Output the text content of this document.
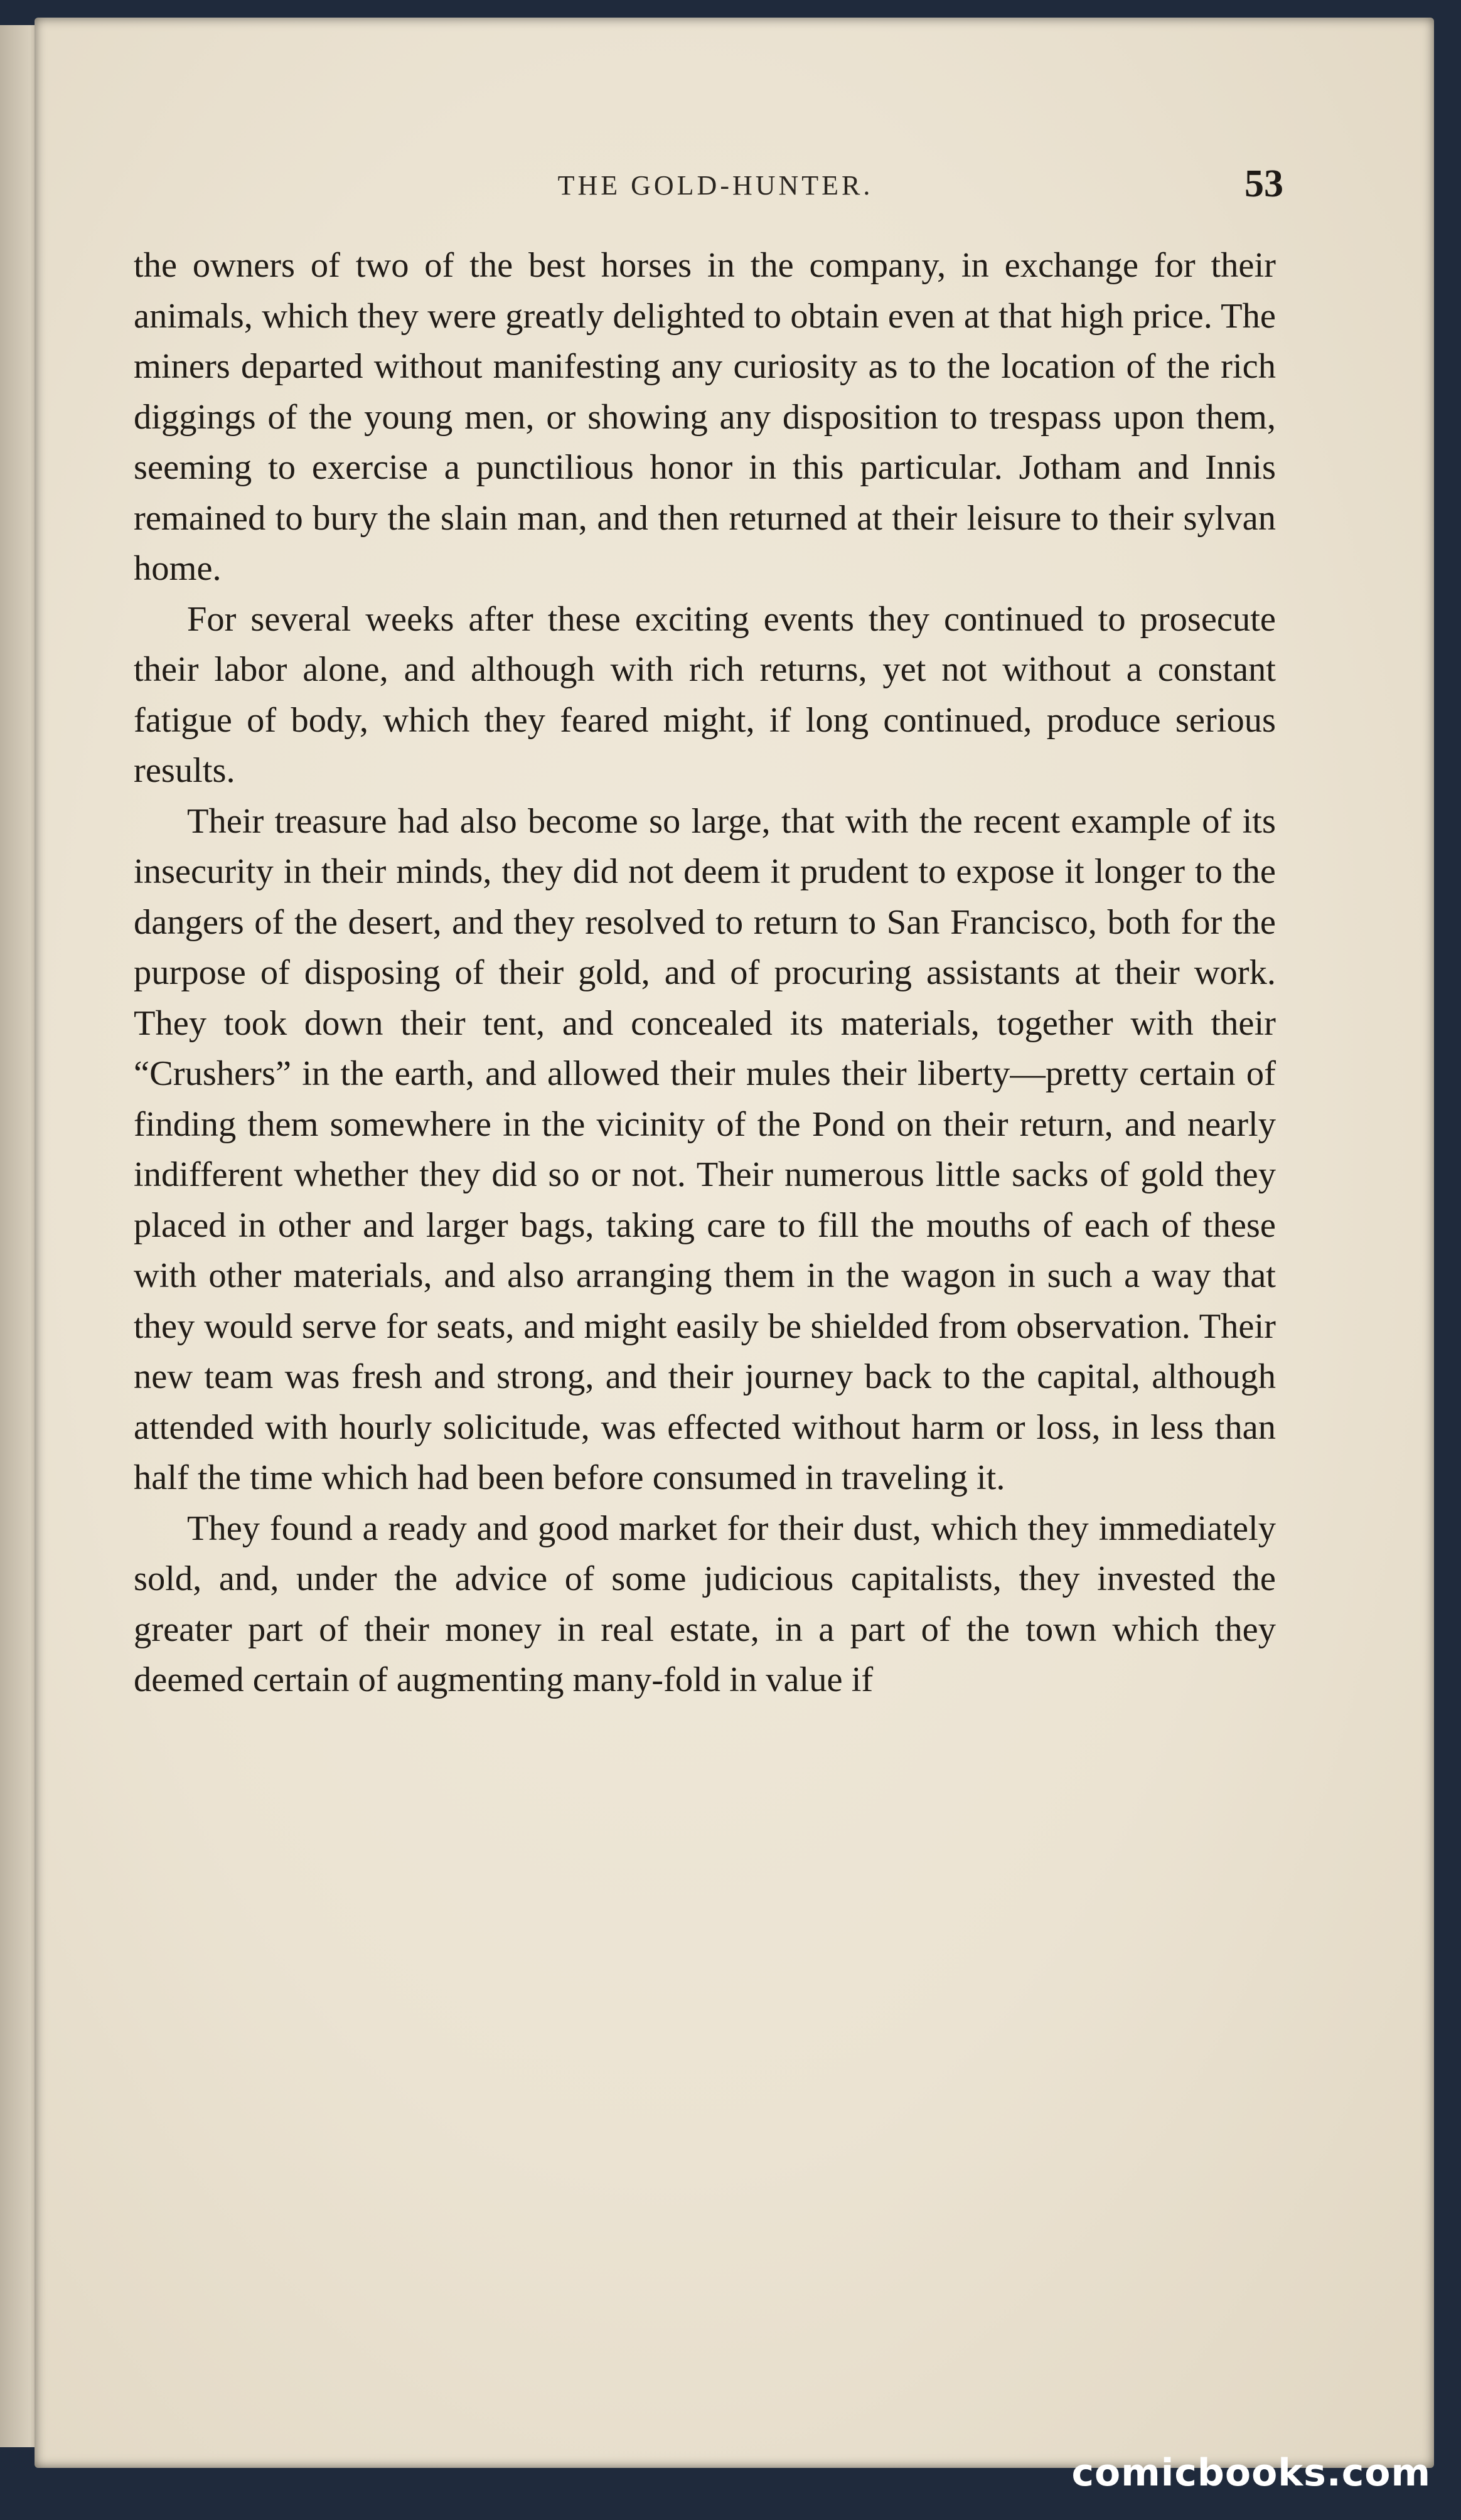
THE GOLD-HUNTER.	53

the owners of two of the best horses in the company, in exchange for their animals, which they were greatly delighted to obtain even at that high price. The miners departed without manifesting any curiosity as to the location of the rich diggings of the young men, or showing any disposition to trespass upon them, seeming to exercise a punctilious honor in this particular. Jotham and Innis remained to bury the slain man, and then returned at their leisure to their sylvan home.

For several weeks after these exciting events they continued to prosecute their labor alone, and although with rich returns, yet not without a constant fatigue of body, which they feared might, if long continued, produce serious results.

Their treasure had also become so large, that with the recent example of its insecurity in their minds, they did not deem it prudent to expose it longer to the dangers of the desert, and they resolved to return to San Francisco, both for the purpose of disposing of their gold, and of procuring assistants at their work. They took down their tent, and concealed its materials, together with their “Crushers” in the earth, and allowed their mules their liberty—pretty certain of finding them somewhere in the vicinity of the Pond on their return, and nearly indifferent whether they did so or not. Their numerous little sacks of gold they placed in other and larger bags, taking care to fill the mouths of each of these with other materials, and also arranging them in the wagon in such a way that they would serve for seats, and might easily be shielded from observation. Their new team was fresh and strong, and their journey back to the capital, although attended with hourly solicitude, was effected without harm or loss, in less than half the time which had been before consumed in traveling it.

They found a ready and good market for their dust, which they immediately sold, and, under the advice of some judicious capitalists, they invested the greater part of their money in real estate, in a part of the town which they deemed certain of augmenting many-fold in value if

comicbooks.com
